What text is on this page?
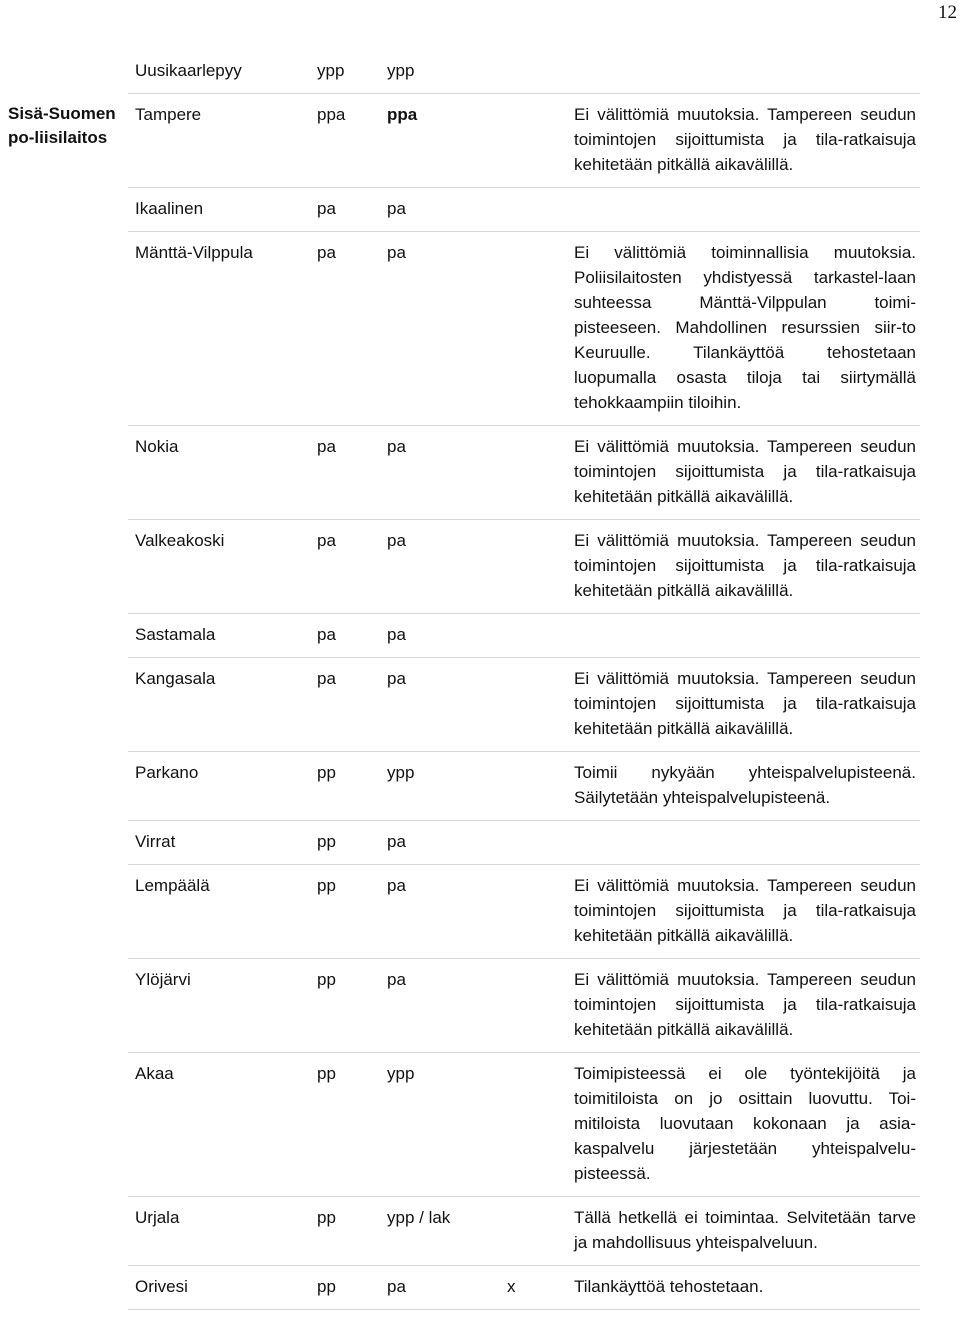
12
	Uusikaarlepyy	ypp	ypp		
Sisä-Suomen po-liisilaitos	Tampere	ppa	ppa		Ei välittömiä muutoksia. Tampereen seudun toimintojen sijoittumista ja tila-ratkaisuja kehitetään pitkällä aikavälillä.
	Ikaalinen	pa	pa		
	Mänttä-Vilppula	pa	pa		Ei välittömiä toiminnallisia muutoksia. Poliisilaitosten yhdistyessä tarkastel-laan suhteessa Mänttä-Vilppulan toimi-pisteeseen. Mahdollinen resurssien siir-to Keuruulle. Tilankäyttöä tehostetaan luopumalla osasta tiloja tai siirtymällä tehokkaampiin tiloihin.
	Nokia	pa	pa		Ei välittömiä muutoksia. Tampereen seudun toimintojen sijoittumista ja tila-ratkaisuja kehitetään pitkällä aikavälillä.
	Valkeakoski	pa	pa		Ei välittömiä muutoksia. Tampereen seudun toimintojen sijoittumista ja tila-ratkaisuja kehitetään pitkällä aikavälillä.
	Sastamala	pa	pa		
	Kangasala	pa	pa		Ei välittömiä muutoksia. Tampereen seudun toimintojen sijoittumista ja tila-ratkaisuja kehitetään pitkällä aikavälillä.
	Parkano	pp	ypp		Toimii nykyään yhteispalvelupisteenä. Säilytetään yhteispalvelupisteenä.
	Virrat	pp	pa		
	Lempäälä	pp	pa		Ei välittömiä muutoksia. Tampereen seudun toimintojen sijoittumista ja tila-ratkaisuja kehitetään pitkällä aikavälillä.
	Ylöjärvi	pp	pa		Ei välittömiä muutoksia. Tampereen seudun toimintojen sijoittumista ja tila-ratkaisuja kehitetään pitkällä aikavälillä.
	Akaa	pp	ypp		Toimipisteessä ei ole työntekijöitä ja toimitiloista on jo osittain luovuttu. Toi-mitiloista luovutaan kokonaan ja asia-kaspalvelu järjestetään yhteispalvelu-pisteessä.
	Urjala	pp	ypp / lak		Tällä hetkellä ei toimintaa. Selvitetään tarve ja mahdollisuus yhteispalveluun.
	Orivesi	pp	pa	x	Tilankäyttöä tehostetaan.
